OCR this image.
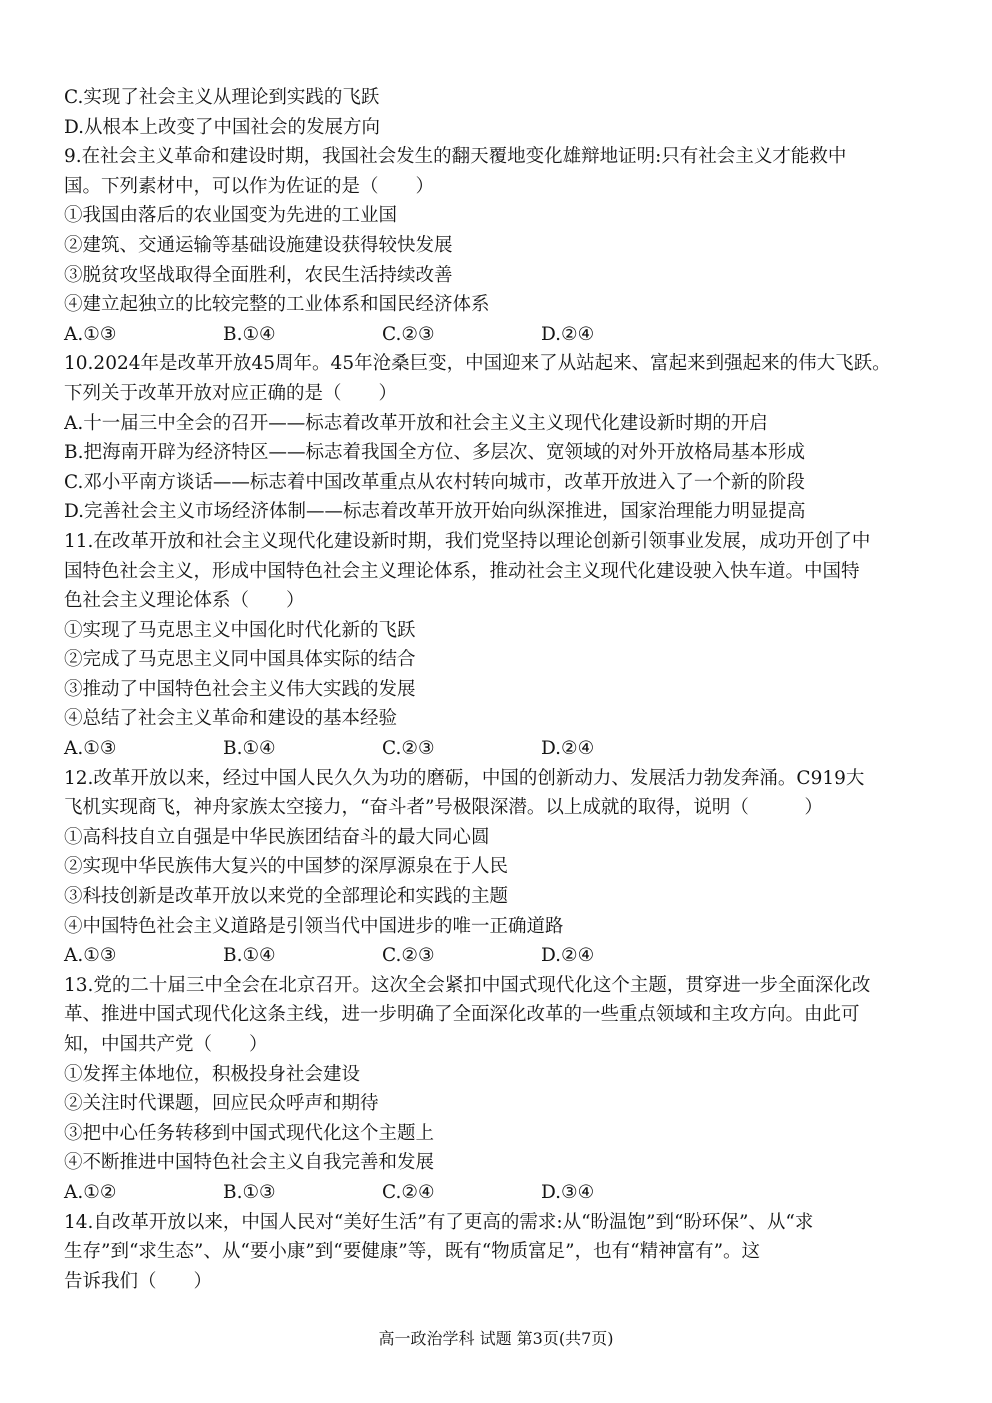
C.实现了社会主义从理论到实践的飞跃
D.从根本上改变了中国社会的发展方向
9.在社会主义革命和建设时期，我国社会发生的翻天覆地变化雄辩地证明:只有社会主义才能救中
国。下列素材中，可以作为佐证的是（　　）
①我国由落后的农业国变为先进的工业国
②建筑、交通运输等基础设施建设获得较快发展
③脱贫攻坚战取得全面胜利，农民生活持续改善
④建立起独立的比较完整的工业体系和国民经济体系
A.①③	B.①④	C.②③	D.②④
10.2024年是改革开放45周年。45年沧桑巨变，中国迎来了从站起来、富起来到强起来的伟大飞跃。
下列关于改革开放对应正确的是（　　）
A.十一届三中全会的召开——标志着改革开放和社会主义主义现代化建设新时期的开启
B.把海南开辟为经济特区——标志着我国全方位、多层次、宽领域的对外开放格局基本形成
C.邓小平南方谈话——标志着中国改革重点从农村转向城市，改革开放进入了一个新的阶段
D.完善社会主义市场经济体制——标志着改革开放开始向纵深推进，国家治理能力明显提高
11.在改革开放和社会主义现代化建设新时期，我们党坚持以理论创新引领事业发展，成功开创了中
国特色社会主义，形成中国特色社会主义理论体系，推动社会主义现代化建设驶入快车道。中国特
色社会主义理论体系（　　）
①实现了马克思主义中国化时代化新的飞跃
②完成了马克思主义同中国具体实际的结合
③推动了中国特色社会主义伟大实践的发展
④总结了社会主义革命和建设的基本经验
A.①③	B.①④	C.②③	D.②④
12.改革开放以来，经过中国人民久久为功的磨砺，中国的创新动力、发展活力勃发奔涌。C919大
飞机实现商飞，神舟家族太空接力，“奋斗者”号极限深潜。以上成就的取得，说明（　　　）
①高科技自立自强是中华民族团结奋斗的最大同心圆
②实现中华民族伟大复兴的中国梦的深厚源泉在于人民
③科技创新是改革开放以来党的全部理论和实践的主题
④中国特色社会主义道路是引领当代中国进步的唯一正确道路
A.①③	B.①④	C.②③	D.②④
13.党的二十届三中全会在北京召开。这次全会紧扣中国式现代化这个主题，贯穿进一步全面深化改
革、推进中国式现代化这条主线，进一步明确了全面深化改革的一些重点领域和主攻方向。由此可
知，中国共产党（　　）
①发挥主体地位，积极投身社会建设
②关注时代课题，回应民众呼声和期待
③把中心任务转移到中国式现代化这个主题上
④不断推进中国特色社会主义自我完善和发展
A.①②	B.①③	C.②④	D.③④
14.自改革开放以来，中国人民对“美好生活”有了更高的需求:从“盼温饱”到“盼环保”、从“求
生存”到“求生态”、从“要小康”到“要健康”等，既有“物质富足”，也有“精神富有”。这
告诉我们（　　）
高一政治学科 试题 第3页(共7页)
